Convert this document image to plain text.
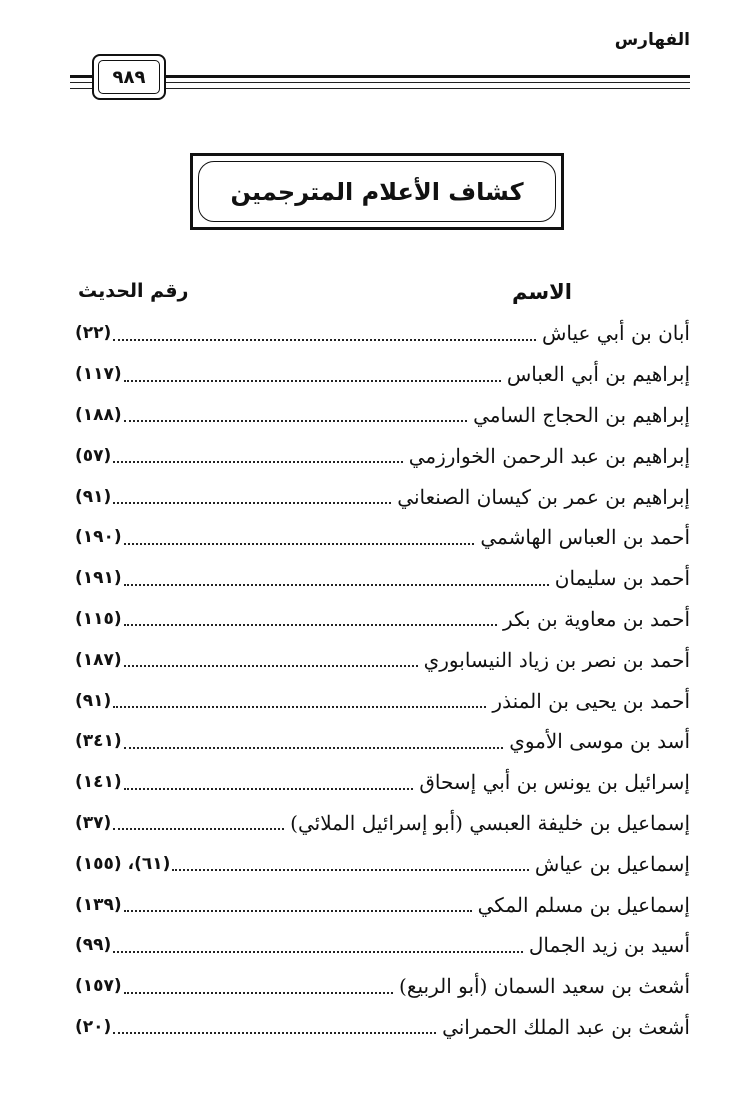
الفهارس
٩٨٩
كشاف الأعلام المترجمين
الاسم
رقم الحديث
أبان بن أبي عياش
(٢٢)
إبراهيم بن أبي العباس
(١١٧)
إبراهيم بن الحجاج السامي
(١٨٨)
إبراهيم بن عبد الرحمن الخوارزمي
(٥٧)
إبراهيم بن عمر بن كيسان الصنعاني
(٩١)
أحمد بن العباس الهاشمي
(١٩٠)
أحمد بن سليمان
(١٩١)
أحمد بن معاوية بن بكر
(١١٥)
أحمد بن نصر بن زياد النيسابوري
(١٨٧)
أحمد بن يحيى بن المنذر
(٩١)
أسد بن موسى الأموي
(٣٤١)
إسرائيل بن يونس بن أبي إسحاق
(١٤١)
إسماعيل بن خليفة العبسي (أبو إسرائيل الملائي)
(٣٧)
إسماعيل بن عياش
(٦١)، (١٥٥)
إسماعيل بن مسلم المكي
(١٣٩)
أسيد بن زيد الجمال
(٩٩)
أشعث بن سعيد السمان (أبو الربيع)
(١٥٧)
أشعث بن عبد الملك الحمراني
(٢٠)
